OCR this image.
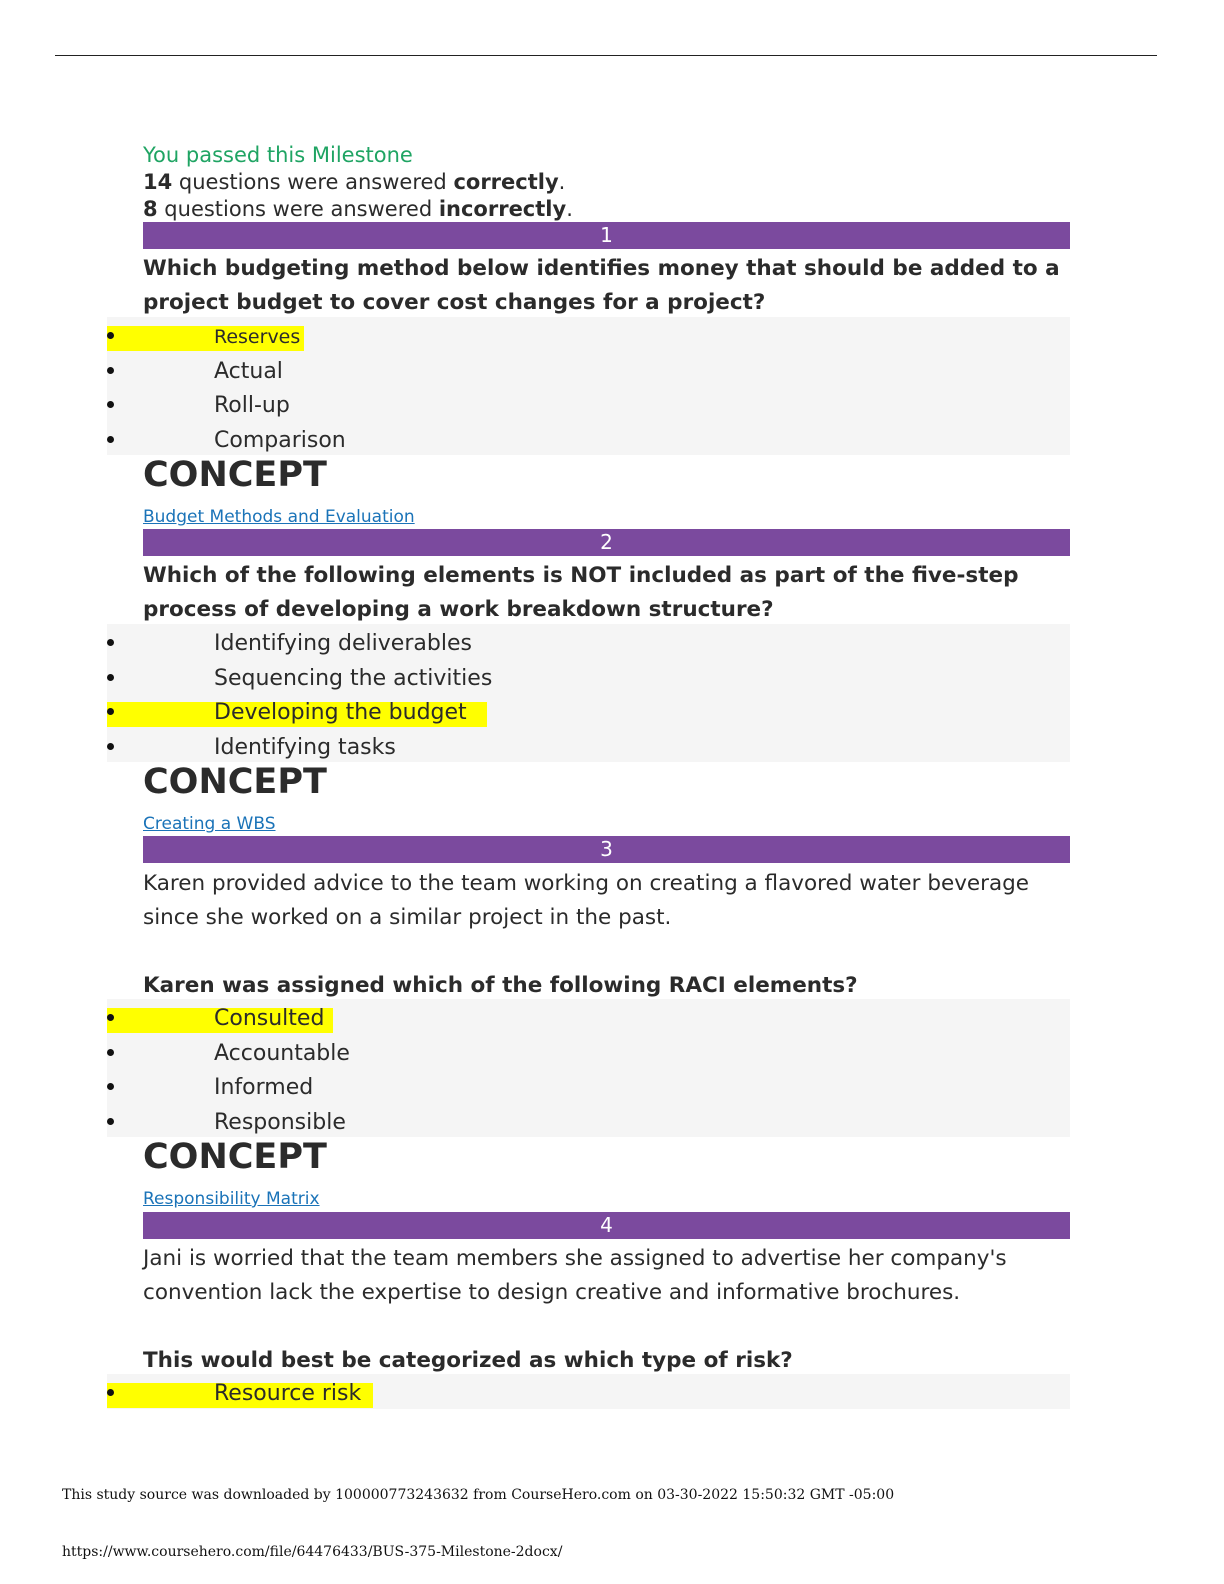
You passed this Milestone
14 questions were answered correctly.
8 questions were answered incorrectly.
1
Which budgeting method below identifies money that should be added to a project budget to cover cost changes for a project?
Reserves
Actual
Roll-up
Comparison
CONCEPT
Budget Methods and Evaluation
2
Which of the following elements is NOT included as part of the five-step process of developing a work breakdown structure?
Identifying deliverables
Sequencing the activities
Developing the budget
Identifying tasks
CONCEPT
Creating a WBS
3
Karen provided advice to the team working on creating a flavored water beverage since she worked on a similar project in the past.
Karen was assigned which of the following RACI elements?
Consulted
Accountable
Informed
Responsible
CONCEPT
Responsibility Matrix
4
Jani is worried that the team members she assigned to advertise her company's convention lack the expertise to design creative and informative brochures.
This would best be categorized as which type of risk?
Resource risk
This study source was downloaded by 100000773243632 from CourseHero.com on 03-30-2022 15:50:32 GMT -05:00
https://www.coursehero.com/file/64476433/BUS-375-Milestone-2docx/
